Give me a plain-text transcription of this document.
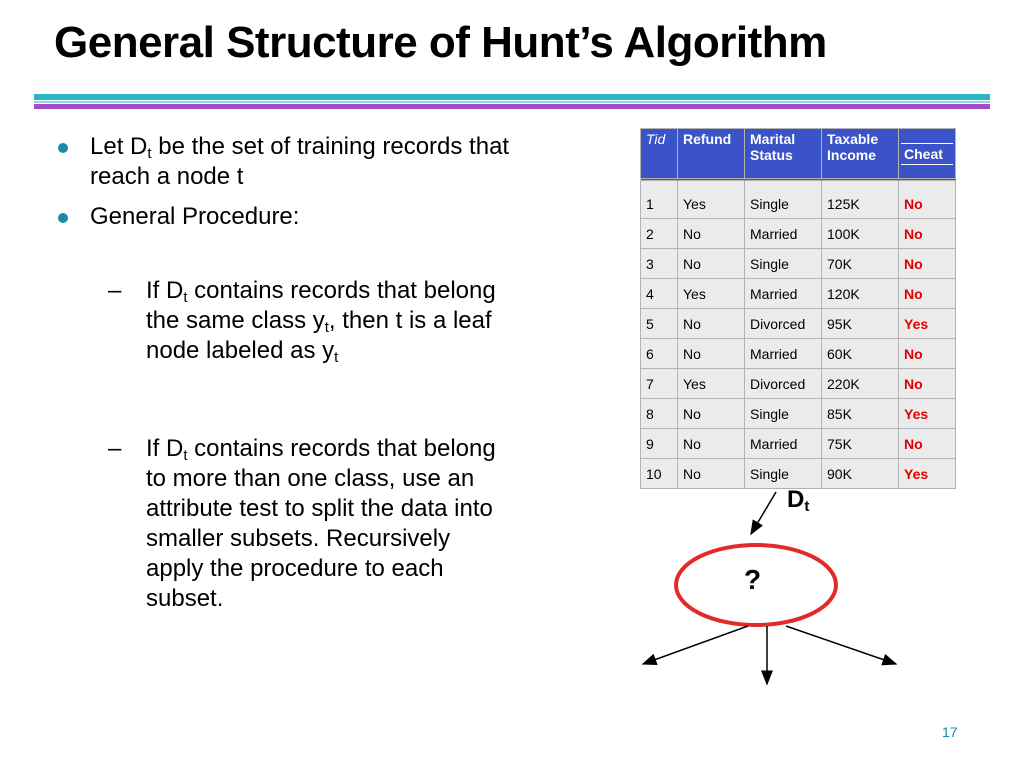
General Structure of Hunt’s Algorithm
Let $D_t$ be the set of training records that reach a node t
General Procedure:
– If $D_t$ contains records that belong the same class $y_t$, then t is a leaf node labeled as $y_t$
– If $D_t$ contains records that belong to more than one class, use an attribute test to split the data into smaller subsets. Recursively apply the procedure to each subset.
Tid	Refund	Marital Status	Taxable Income	Cheat

1	Yes	Single	125K	No
2	No	Married	100K	No
3	No	Single	70K	No
4	Yes	Married	120K	No
5	No	Divorced	95K	Yes
6	No	Married	60K	No
7	Yes	Divorced	220K	No
8	No	Single	85K	Yes
9	No	Married	75K	No
10	No	Single	90K	Yes
$D_t$
?
17
